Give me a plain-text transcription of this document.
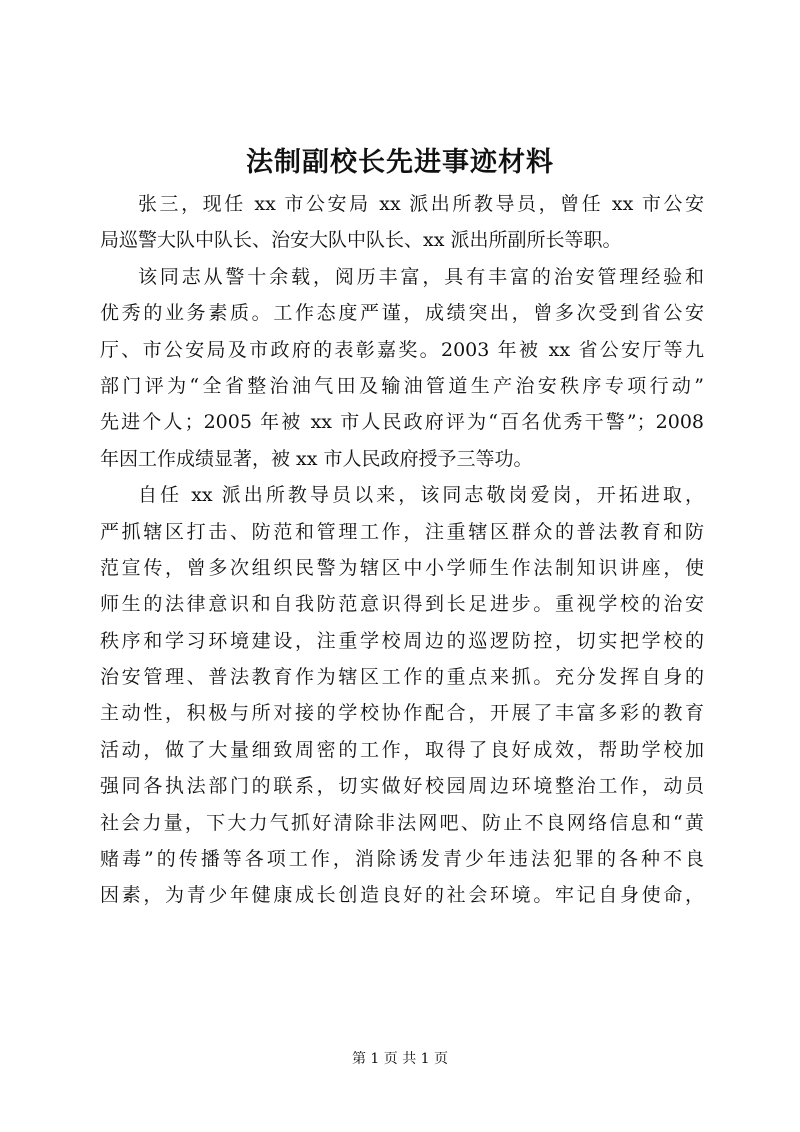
法制副校长先进事迹材料
张三，现任 xx 市公安局 xx 派出所教导员，曾任 xx 市公安
局巡警大队中队长、治安大队中队长、xx 派出所副所长等职。
该同志从警十余载，阅历丰富，具有丰富的治安管理经验和
优秀的业务素质。工作态度严谨，成绩突出，曾多次受到省公安
厅、市公安局及市政府的表彰嘉奖。2003 年被 xx 省公安厅等九
部门评为“全省整治油气田及输油管道生产治安秩序专项行动”
先进个人；2005 年被 xx 市人民政府评为“百名优秀干警”；2008
年因工作成绩显著，被 xx 市人民政府授予三等功。
自任 xx 派出所教导员以来，该同志敬岗爱岗，开拓进取，
严抓辖区打击、防范和管理工作，注重辖区群众的普法教育和防
范宣传，曾多次组织民警为辖区中小学师生作法制知识讲座，使
师生的法律意识和自我防范意识得到长足进步。重视学校的治安
秩序和学习环境建设，注重学校周边的巡逻防控，切实把学校的
治安管理、普法教育作为辖区工作的重点来抓。充分发挥自身的
主动性，积极与所对接的学校协作配合，开展了丰富多彩的教育
活动，做了大量细致周密的工作，取得了良好成效，帮助学校加
强同各执法部门的联系，切实做好校园周边环境整治工作，动员
社会力量，下大力气抓好清除非法网吧、防止不良网络信息和“黄
赌毒”的传播等各项工作，消除诱发青少年违法犯罪的各种不良
因素，为青少年健康成长创造良好的社会环境。牢记自身使命，
第 1 页 共 1 页
